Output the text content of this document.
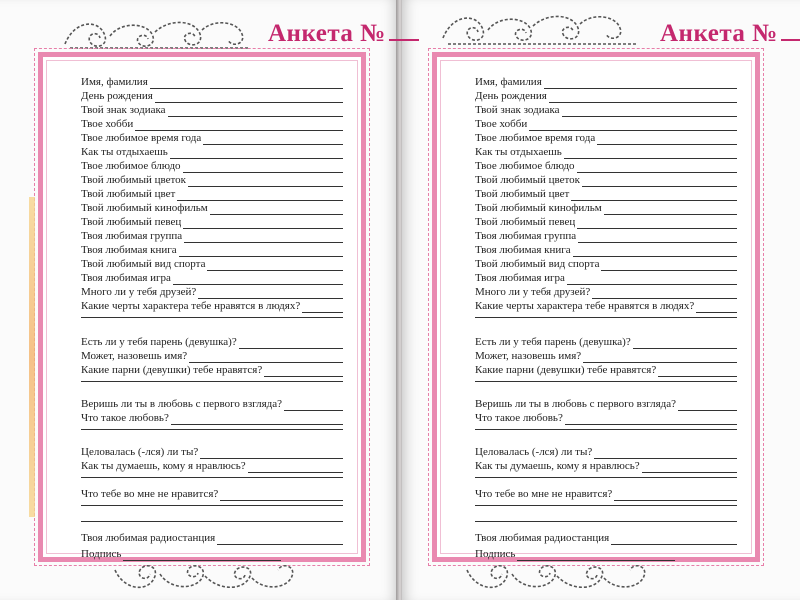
Имя, фамилия
День рождения
Твой знак зодиака
Твое хобби
Твое любимое время года
Как ты отдыхаешь
Твое любимое блюдо
Твой любимый цветок
Твой любимый цвет
Твой любимый кинофильм
Твой любимый певец
Твоя любимая группа
Твоя любимая книга
Твой любимый вид спорта
Твоя любимая игра
Много ли у тебя друзей?
Какие черты характера тебе нравятся в людях?
Есть ли у тебя парень (девушка)?
Может, назовешь имя?
Какие парни (девушки) тебе нравятся?
Веришь ли ты в любовь с первого взгляда?
Что такое любовь?
Целовалась (-лся) ли ты?
Как ты думаешь, кому я нравлюсь?
Что тебе во мне не нравится?
Твоя любимая радиостанция
Подпись
Имя, фамилия
День рождения
Твой знак зодиака
Твое хобби
Твое любимое время года
Как ты отдыхаешь
Твое любимое блюдо
Твой любимый цветок
Твой любимый цвет
Твой любимый кинофильм
Твой любимый певец
Твоя любимая группа
Твоя любимая книга
Твой любимый вид спорта
Твоя любимая игра
Много ли у тебя друзей?
Какие черты характера тебе нравятся в людях?
Есть ли у тебя парень (девушка)?
Может, назовешь имя?
Какие парни (девушки) тебе нравятся?
Веришь ли ты в любовь с первого взгляда?
Что такое любовь?
Целовалась (-лся) ли ты?
Как ты думаешь, кому я нравлюсь?
Что тебе во мне не нравится?
Твоя любимая радиостанция
Подпись
Анкета №	Анкета №
